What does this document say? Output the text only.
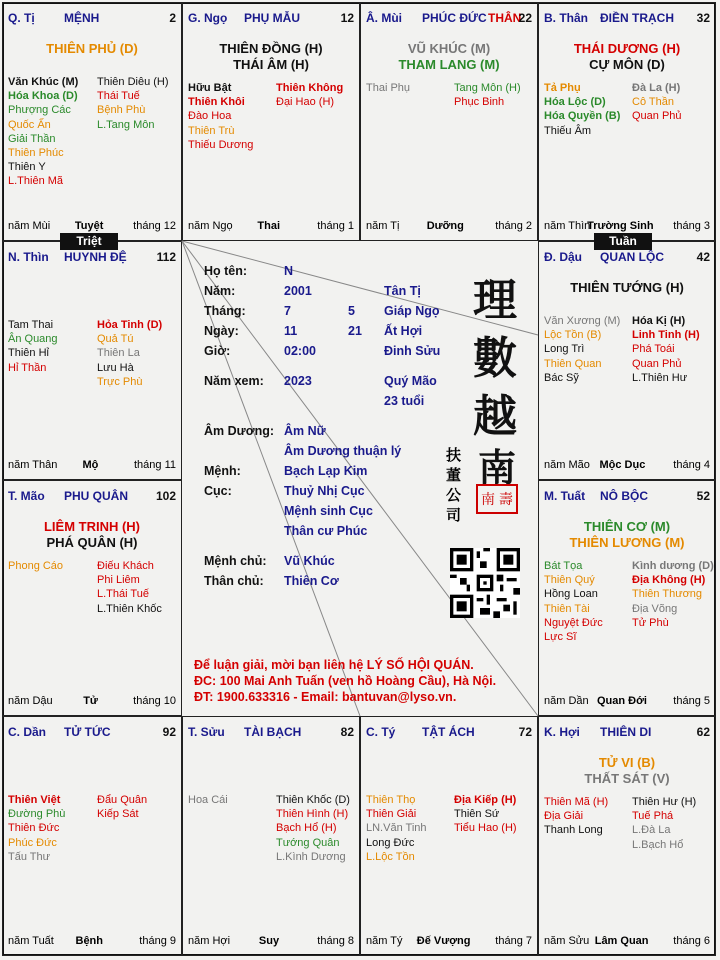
Q. Tị MỆNH	2
THIÊN PHỦ (D)
Văn Khúc (M)
Hóa Khoa (D)
Phượng Các
Quốc Ấn
Giải Thần
Thiên Phúc
Thiên Y
L.Thiên Mã
Thiên Diêu (H)
Thái Tuế
Bệnh Phù
L.Tang Môn
năm Mùi Tuyệt	tháng 12
G. Ngọ PHỤ MẪU	12
THIÊN ĐỒNG (H)
THÁI ÂM (H)
Hữu Bật
Thiên Khôi
Đào Hoa
Thiên Trù
Thiếu Dương
Thiên Không
Đại Hao (H)
năm Ngọ Thai	tháng 1
Â. Mùi PHÚC ĐỨC THÂN
22
VŨ KHÚC (M)
THAM LANG (M)
Thai Phụ	Tang Môn (H)
Phục Binh
năm Tị Dưỡng	tháng 2
B. Thân ĐIỀN TRẠCH 32
THÁI DƯƠNG (H)
CỰ MÔN (D)
Tả Phụ
Hóa Lộc (D)
Hóa Quyền (B)
Thiếu Âm
Đà La (H)
Cô Thần
Quan Phủ
năm Thìn
Trường Sinh tháng 3
N. Thìn HUYNH ĐỆ 112
Tam Thai
Ân Quang
Thiên Hỉ
Hỉ Thần
Hỏa Tinh (D)
Quả Tú
Thiên La
Lưu Hà
Trực Phù
năm Thân Mộ	tháng 11
Đ. Dậu QUAN LỘC	42
THIÊN TƯỚNG (H)
Văn Xương (M)
Lộc Tồn (B)
Long Trì
Thiên Quan
Bác Sỹ
Hóa Kị (H)
Linh Tinh (H)
Phá Toái
Quan Phủ
L.Thiên Hư
năm Mão Mộc Dục	tháng 4
T. Mão PHU QUÂN 102
LIÊM TRINH (H)
PHÁ QUÂN (H)
Phong Cáo	Điếu Khách
Phi Liêm
L.Thái Tuế
L.Thiên Khốc
năm Dậu	Tử	tháng 10
M. Tuất NÔ BỘC	52
THIÊN CƠ (M)
THIÊN LƯƠNG (M)
Bát Tọa
Thiên Quý
Hồng Loan
Thiên Tài
Nguyệt Đức
Lực Sĩ
Kình dương (D)
Địa Không (H)
Thiên Thương
Địa Võng
Tử Phù
năm Dần Quan Đới tháng 5
C. Dần TỬ TỨC	92
Thiên Việt
Đường Phù
Thiên Đức
Phúc Đức
Tấu Thư
Đẩu Quân
Kiếp Sát
năm Tuất Bệnh	tháng 9
T. Sửu TÀI BẠCH	82
Hoa Cái	Thiên Khốc (D)
Thiên Hình (H)
Bạch Hổ (H)
Tướng Quân
L.Kình Dương
năm Hợi	Suy	tháng 8
C. Tý TẬT ÁCH	72
Thiên Thọ
Thiên Giải
LN.Văn Tinh
Long Đức
L.Lộc Tồn
Địa Kiếp (H)
Thiên Sứ
Tiểu Hao (H)
năm Tý Đế Vượng tháng 7
K. Hợi THIÊN DI	62
TỬ VI (B)
THẤT SÁT (V)
Thiên Mã (H)
Địa Giải
Thanh Long
Thiên Hư (H)
Tuế Phá
L.Đà La
L.Bạch Hổ
năm Sửu Lâm Quan tháng 6
Triệt	Tuần
Họ tên:	N
Năm:	2001	Tân Tị
Tháng:	7	5 Giáp Ngọ
Ngày:	11	21 Ất Hợi
Giờ:	02:00	Đinh Sửu
Năm xem: 2023	Quý Mão
23 tuổi
Âm Dương: Âm Nữ
Âm Dương thuận lý
Mệnh:	Bạch Lạp Kim
Cục:	Thuỷ Nhị Cục
Mệnh sinh Cục
Thân cư Phúc
Mệnh chủ: Vũ Khúc
Thân chủ: Thiên Cơ
理
數
越
扶
董
公
司
南
南 壽
Để luận giải, mời bạn liên hệ LÝ SỐ HỘI QUÁN.
ĐC: 100 Mai Anh Tuấn (ven hồ Hoàng Cầu), Hà Nội.
ĐT: 1900.633316 - Email: bantuvan@lyso.vn.
